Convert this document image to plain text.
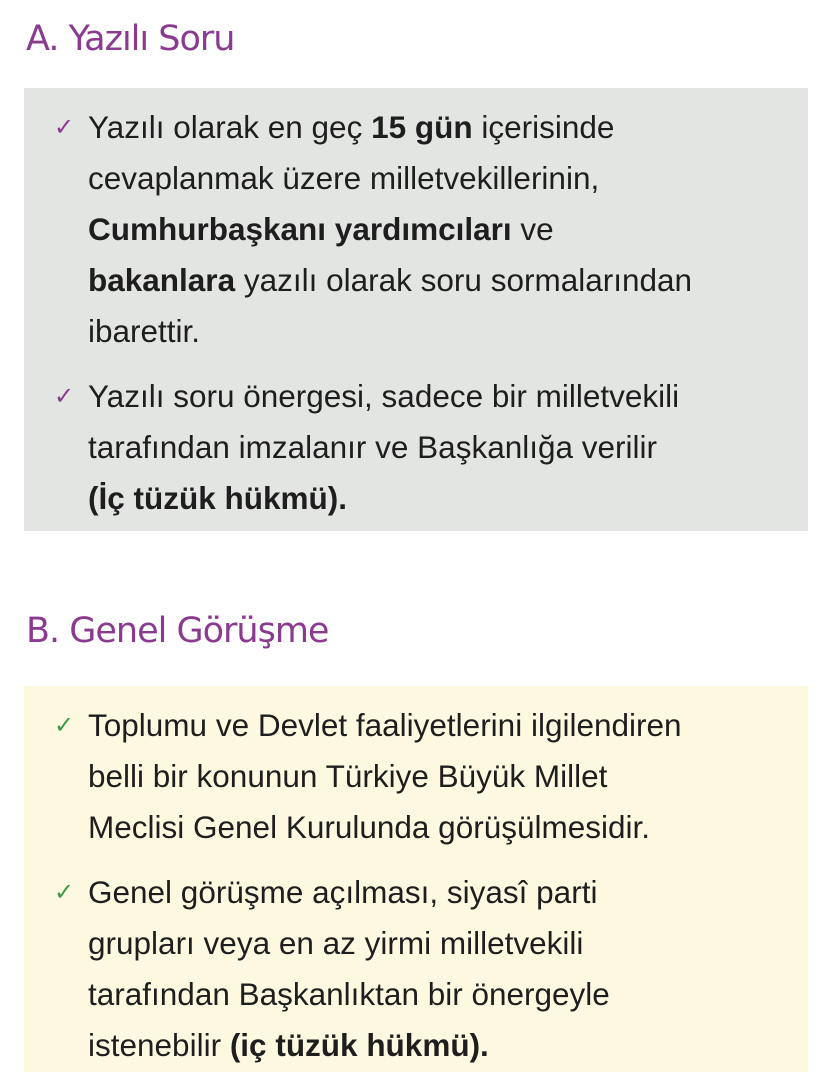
A. Yazılı Soru
✓ Yazılı olarak en geç 15 gün içerisinde
cevaplanmak üzere milletvekillerinin,
Cumhurbaşkanı yardımcıları ve
bakanlara yazılı olarak soru sormalarından
ibarettir.
✓ Yazılı soru önergesi, sadece bir milletvekili
tarafından imzalanır ve Başkanlığa verilir
(İç tüzük hükmü).
B. Genel Görüşme
✓ Toplumu ve Devlet faaliyetlerini ilgilendiren
belli bir konunun Türkiye Büyük Millet
Meclisi Genel Kurulunda görüşülmesidir.
✓ Genel görüşme açılması, siyasî parti
grupları veya en az yirmi milletvekili
tarafından Başkanlıktan bir önergeyle
istenebilir (iç tüzük hükmü).
